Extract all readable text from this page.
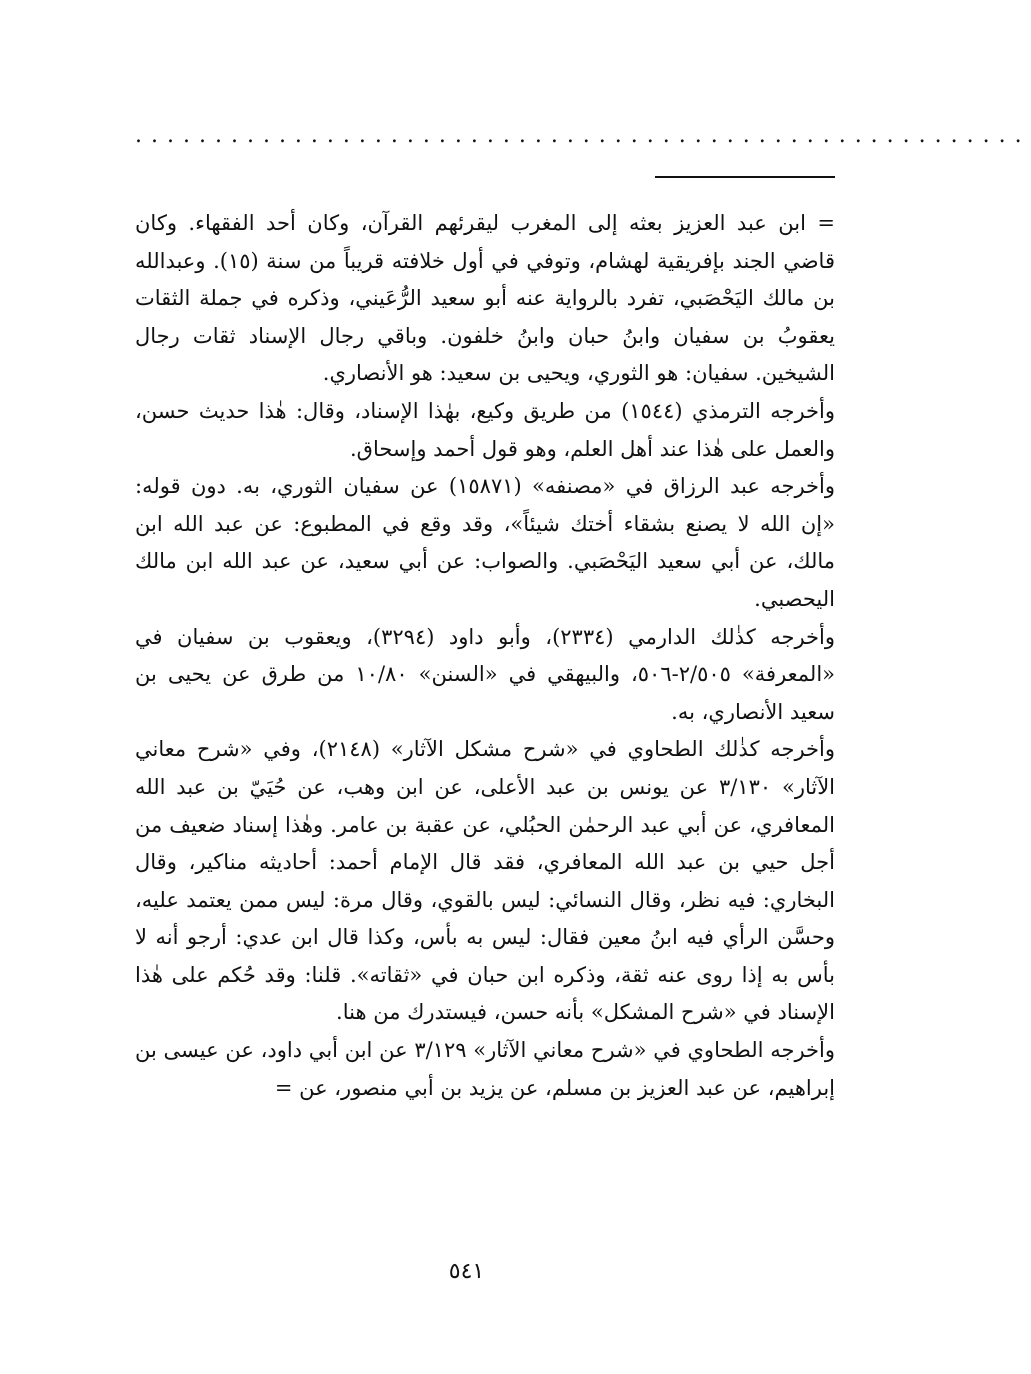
........................................................

= ابن عبد العزيز بعثه إلى المغرب ليقرئهم القرآن، وكان أحد الفقهاء. وكان قاضي الجند بإفريقية لهشام، وتوفي في أول خلافته قريباً من سنة (١٥). وعبدالله بن مالك اليَحْصَبي، تفرد بالرواية عنه أبو سعيد الرُّعَيني، وذكره في جملة الثقات يعقوبُ بن سفيان وابنُ حبان وابنُ خلفون. وباقي رجال الإسناد ثقات رجال الشيخين. سفيان: هو الثوري، ويحيى بن سعيد: هو الأنصاري.

وأخرجه الترمذي (١٥٤٤) من طريق وكيع، بهٰذا الإسناد، وقال: هٰذا حديث حسن، والعمل على هٰذا عند أهل العلم، وهو قول أحمد وإسحاق.

وأخرجه عبد الرزاق في «مصنفه» (١٥٨٧١) عن سفيان الثوري، به. دون قوله: «إن الله لا يصنع بشقاء أختك شيئاً»، وقد وقع في المطبوع: عن عبد الله ابن مالك، عن أبي سعيد اليَحْصَبي. والصواب: عن أبي سعيد، عن عبد الله ابن مالك اليحصبي.

وأخرجه كذٰلك الدارمي (٢٣٣٤)، وأبو داود (٣٢٩٤)، ويعقوب بن سفيان في «المعرفة» ٢/٥٠٥-٥٠٦، والبيهقي في «السنن» ١٠/٨٠ من طرق عن يحيى بن سعيد الأنصاري، به.

وأخرجه كذٰلك الطحاوي في «شرح مشكل الآثار» (٢١٤٨)، وفي «شرح معاني الآثار» ٣/١٣٠ عن يونس بن عبد الأعلى، عن ابن وهب، عن حُيَيّ بن عبد الله المعافري، عن أبي عبد الرحمٰن الحبُلي، عن عقبة بن عامر. وهٰذا إسناد ضعيف من أجل حيي بن عبد الله المعافري، فقد قال الإمام أحمد: أحاديثه مناكير، وقال البخاري: فيه نظر، وقال النسائي: ليس بالقوي، وقال مرة: ليس ممن يعتمد عليه، وحسَّن الرأي فيه ابنُ معين فقال: ليس به بأس، وكذا قال ابن عدي: أرجو أنه لا بأس به إذا روى عنه ثقة، وذكره ابن حبان في «ثقاته». قلنا: وقد حُكم على هٰذا الإسناد في «شرح المشكل» بأنه حسن، فيستدرك من هنا.

وأخرجه الطحاوي في «شرح معاني الآثار» ٣/١٢٩ عن ابن أبي داود، عن عيسى بن إبراهيم، عن عبد العزيز بن مسلم، عن يزيد بن أبي منصور، عن =

٥٤١
